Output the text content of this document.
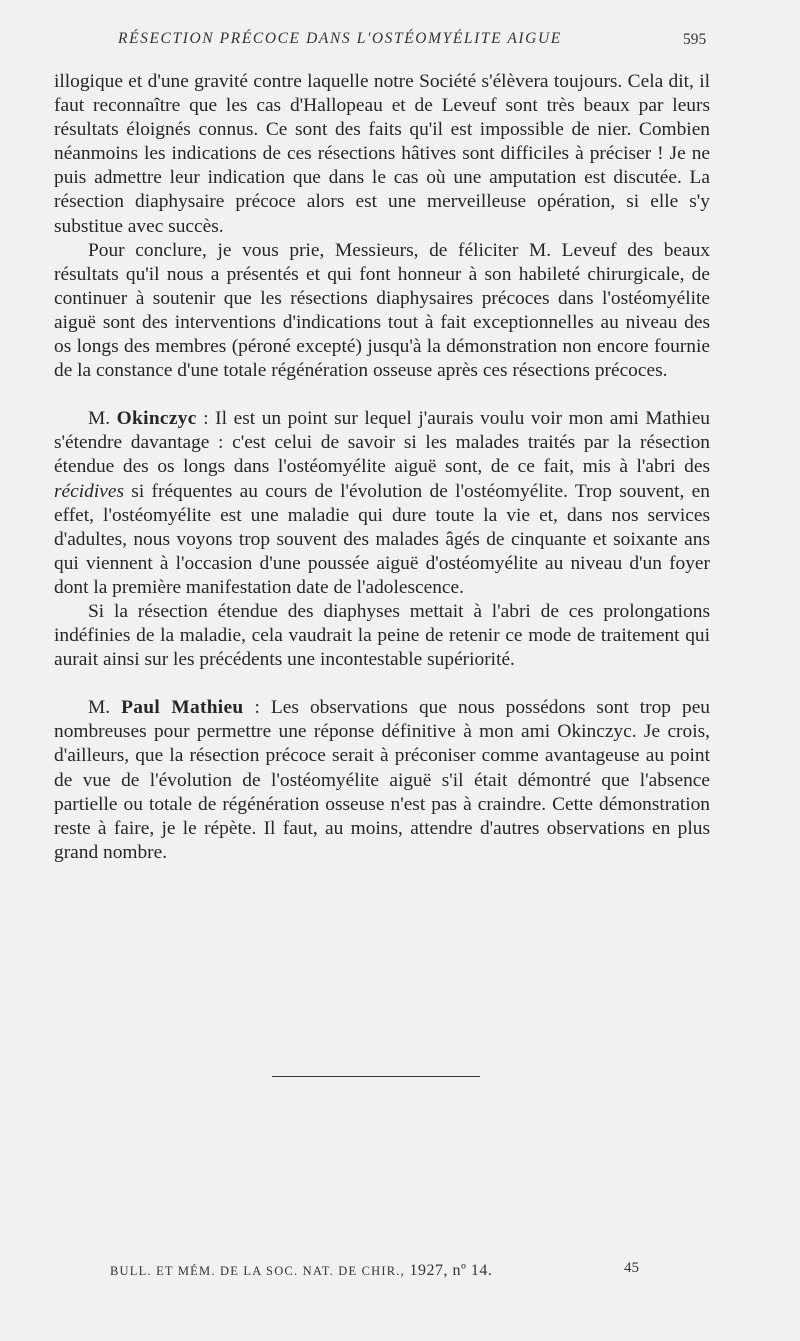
RÉSECTION PRÉCOCE DANS L'OSTÉOMYÉLITE AIGUE	595

illogique et d'une gravité contre laquelle notre Société s'élèvera toujours. Cela dit, il faut reconnaître que les cas d'Hallopeau et de Leveuf sont très beaux par leurs résultats éloignés connus. Ce sont des faits qu'il est impossible de nier. Combien néanmoins les indications de ces résections hâtives sont difficiles à préciser ! Je ne puis admettre leur indication que dans le cas où une amputation est discutée. La résection diaphysaire précoce alors est une merveilleuse opération, si elle s'y substitue avec succès.

Pour conclure, je vous prie, Messieurs, de féliciter M. Leveuf des beaux résultats qu'il nous a présentés et qui font honneur à son habileté chirurgicale, de continuer à soutenir que les résections diaphysaires précoces dans l'ostéomyélite aiguë sont des interventions d'indications tout à fait exceptionnelles au niveau des os longs des membres (péroné excepté) jusqu'à la démonstration non encore fournie de la constance d'une totale régénération osseuse après ces résections précoces.

M. Okinczyc : Il est un point sur lequel j'aurais voulu voir mon ami Mathieu s'étendre davantage : c'est celui de savoir si les malades traités par la résection étendue des os longs dans l'ostéomyélite aiguë sont, de ce fait, mis à l'abri des récidives si fréquentes au cours de l'évolution de l'ostéomyélite. Trop souvent, en effet, l'ostéomyélite est une maladie qui dure toute la vie et, dans nos services d'adultes, nous voyons trop souvent des malades âgés de cinquante et soixante ans qui viennent à l'occasion d'une poussée aiguë d'ostéomyélite au niveau d'un foyer dont la première manifestation date de l'adolescence.

Si la résection étendue des diaphyses mettait à l'abri de ces prolongations indéfinies de la maladie, cela vaudrait la peine de retenir ce mode de traitement qui aurait ainsi sur les précédents une incontestable supériorité.

M. Paul Mathieu : Les observations que nous possédons sont trop peu nombreuses pour permettre une réponse définitive à mon ami Okinczyc. Je crois, d'ailleurs, que la résection précoce serait à préconiser comme avantageuse au point de vue de l'évolution de l'ostéomyélite aiguë s'il était démontré que l'absence partielle ou totale de régénération osseuse n'est pas à craindre. Cette démonstration reste à faire, je le répète. Il faut, au moins, attendre d'autres observations en plus grand nombre.

BULL. ET MÉM. DE LA SOC. NAT. DE CHIR., 1927, nº 14.	45
